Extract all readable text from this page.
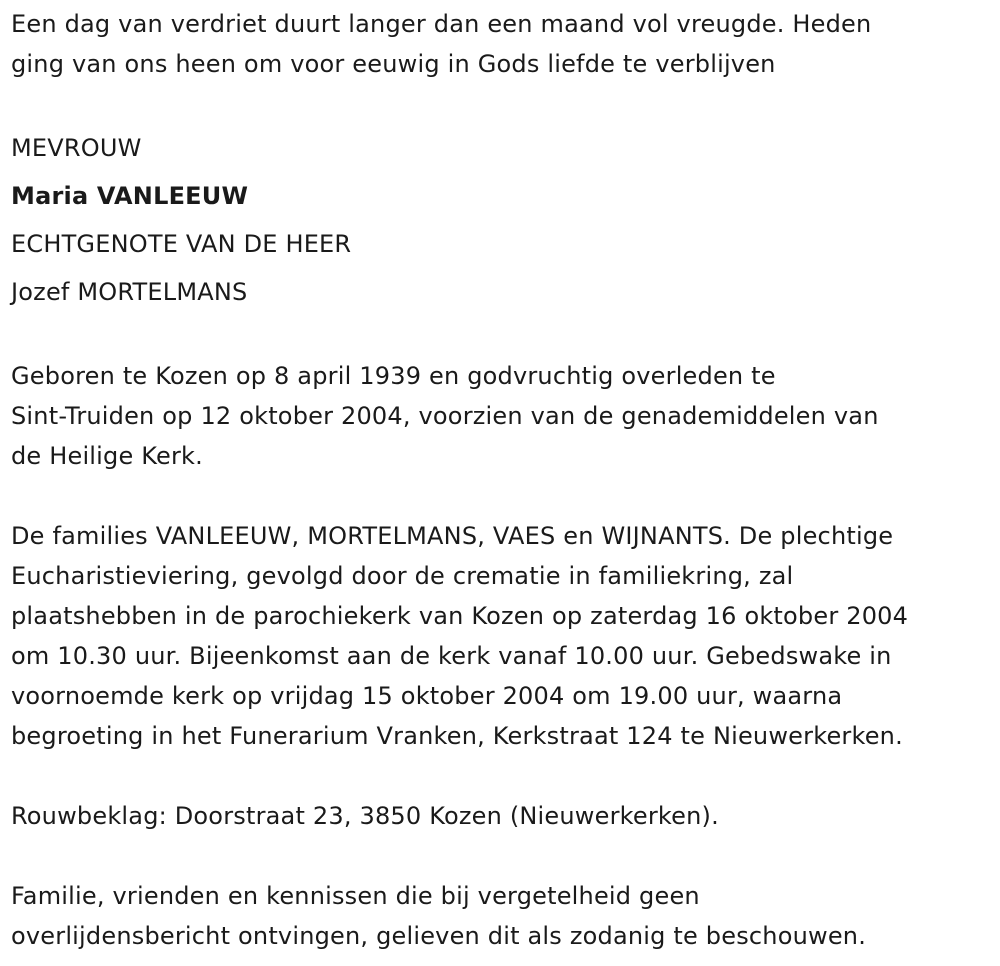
Een dag van verdriet duurt langer dan een maand vol vreugde. Heden
ging van ons heen om voor eeuwig in Gods liefde te verblijven

MEVROUW

Maria VANLEEUW

ECHTGENOTE VAN DE HEER

Jozef MORTELMANS

Geboren te Kozen op 8 april 1939 en godvruchtig overleden te
Sint-Truiden op 12 oktober 2004, voorzien van de genademiddelen van
de Heilige Kerk.

De families VANLEEUW, MORTELMANS, VAES en WIJNANTS. De plechtige
Eucharistieviering, gevolgd door de crematie in familiekring, zal
plaatshebben in de parochiekerk van Kozen op zaterdag 16 oktober 2004
om 10.30 uur. Bijeenkomst aan de kerk vanaf 10.00 uur. Gebedswake in
voornoemde kerk op vrijdag 15 oktober 2004 om 19.00 uur, waarna
begroeting in het Funerarium Vranken, Kerkstraat 124 te Nieuwerkerken.

Rouwbeklag: Doorstraat 23, 3850 Kozen (Nieuwerkerken).

Familie, vrienden en kennissen die bij vergetelheid geen
overlijdensbericht ontvingen, gelieven dit als zodanig te beschouwen.
